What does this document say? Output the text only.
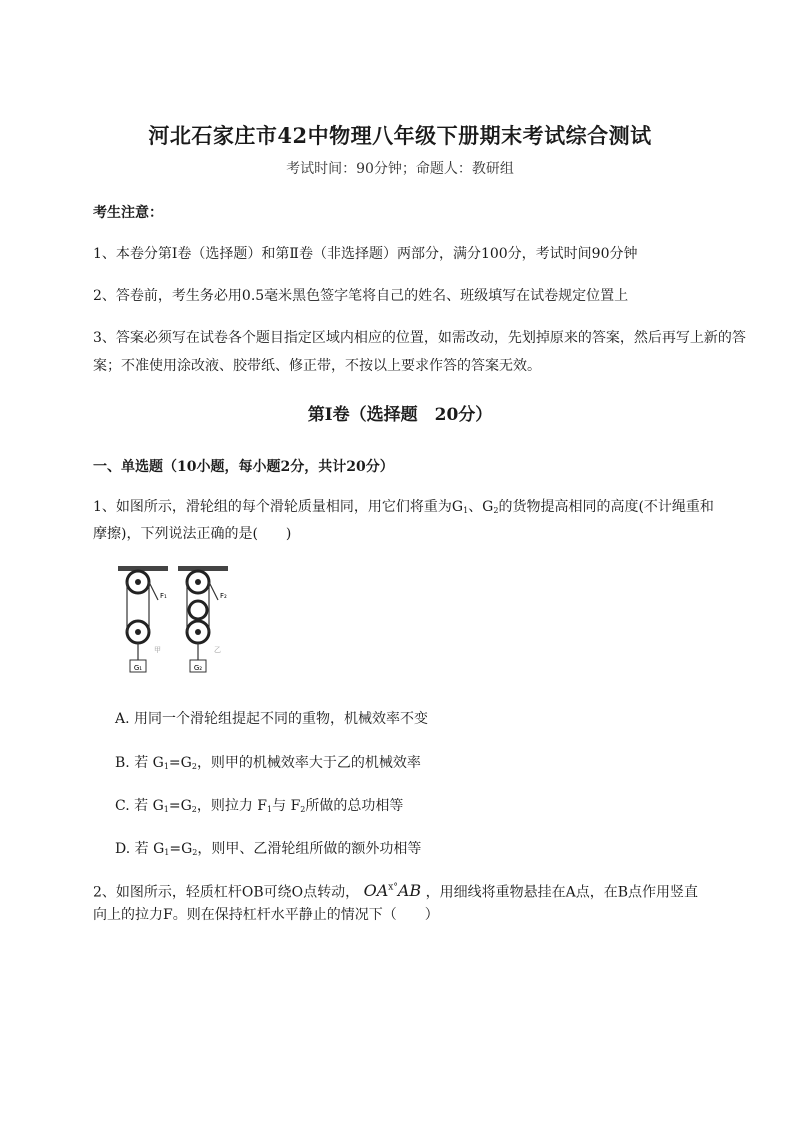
河北石家庄市42中物理八年级下册期末考试综合测试
考试时间：90分钟；命题人：教研组
考生注意：
1、本卷分第I卷（选择题）和第Ⅱ卷（非选择题）两部分，满分100分，考试时间90分钟
2、答卷前，考生务必用0.5毫米黑色签字笔将自己的姓名、班级填写在试卷规定位置上
3、答案必须写在试卷各个题目指定区域内相应的位置，如需改动，先划掉原来的答案，然后再写上新的答案；不准使用涂改液、胶带纸、修正带，不按以上要求作答的答案无效。
第I卷（选择题　20分）
一、单选题（10小题，每小题2分，共计20分）
1、如图所示，滑轮组的每个滑轮质量相同，用它们将重为$G_1$、$G_2$的货物提高相同的高度(不计绳重和
摩擦)，下列说法正确的是(　　)
G₁
F₁
甲
G₂
F₂
乙
A. 用同一个滑轮组提起不同的重物，机械效率不变
B. 若 $G_1=G_2$，则甲的机械效率大于乙的机械效率
C. 若 $G_1=G_2$，则拉力 $F_1$与 $F_2$所做的总功相等
D. 若 $G_1=G_2$，则甲、乙滑轮组所做的额外功相等
2、如图所示，轻质杠杆OB可绕O点转动， $OA^{ⅹ^\circ}AB$ ，用细线将重物悬挂在A点，在B点作用竖直
向上的拉力F。则在保持杠杆水平静止的情况下（　　）
